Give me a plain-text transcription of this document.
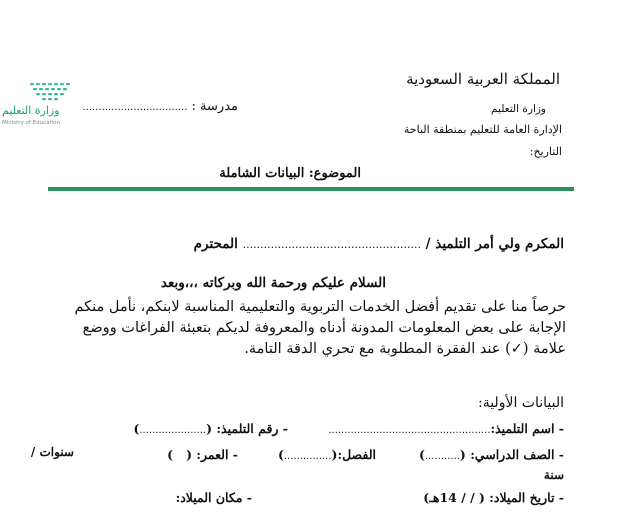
المملكة العربية السعودية
وزارة التعليم
الإدارة العامة للتعليم بمنطقة الباحة
التاريخ:
مدرسة : .................................
وزارة التعليم
Ministry of Education
الموضوع: البيانات الشاملة
المكرم ولي أمر التلميذ / ................................................... المحترم
السلام عليكم ورحمة الله وبركاته ،،،وبعد
حرصاً منا على تقديم أفضل الخدمات التربوية والتعليمية المناسبة لابنكم، نأمل منكم الإجابة على بعض المعلومات المدونة أدناه والمعروفة لديكم بتعبئة الفراغات ووضع علامة (✓) عند الفقرة المطلوبة مع تحري الدقة التامة.
البيانات الأولية:
- اسم التلميذ:...................................................
- رقم التلميذ: (.....................)
- الصف الدراسي: (...........)
الفصل:(...............)
- العمر: (   )
سنوات /
سنة
- تاريخ الميلاد: ( / / 14هـ)
- مكان الميلاد:
